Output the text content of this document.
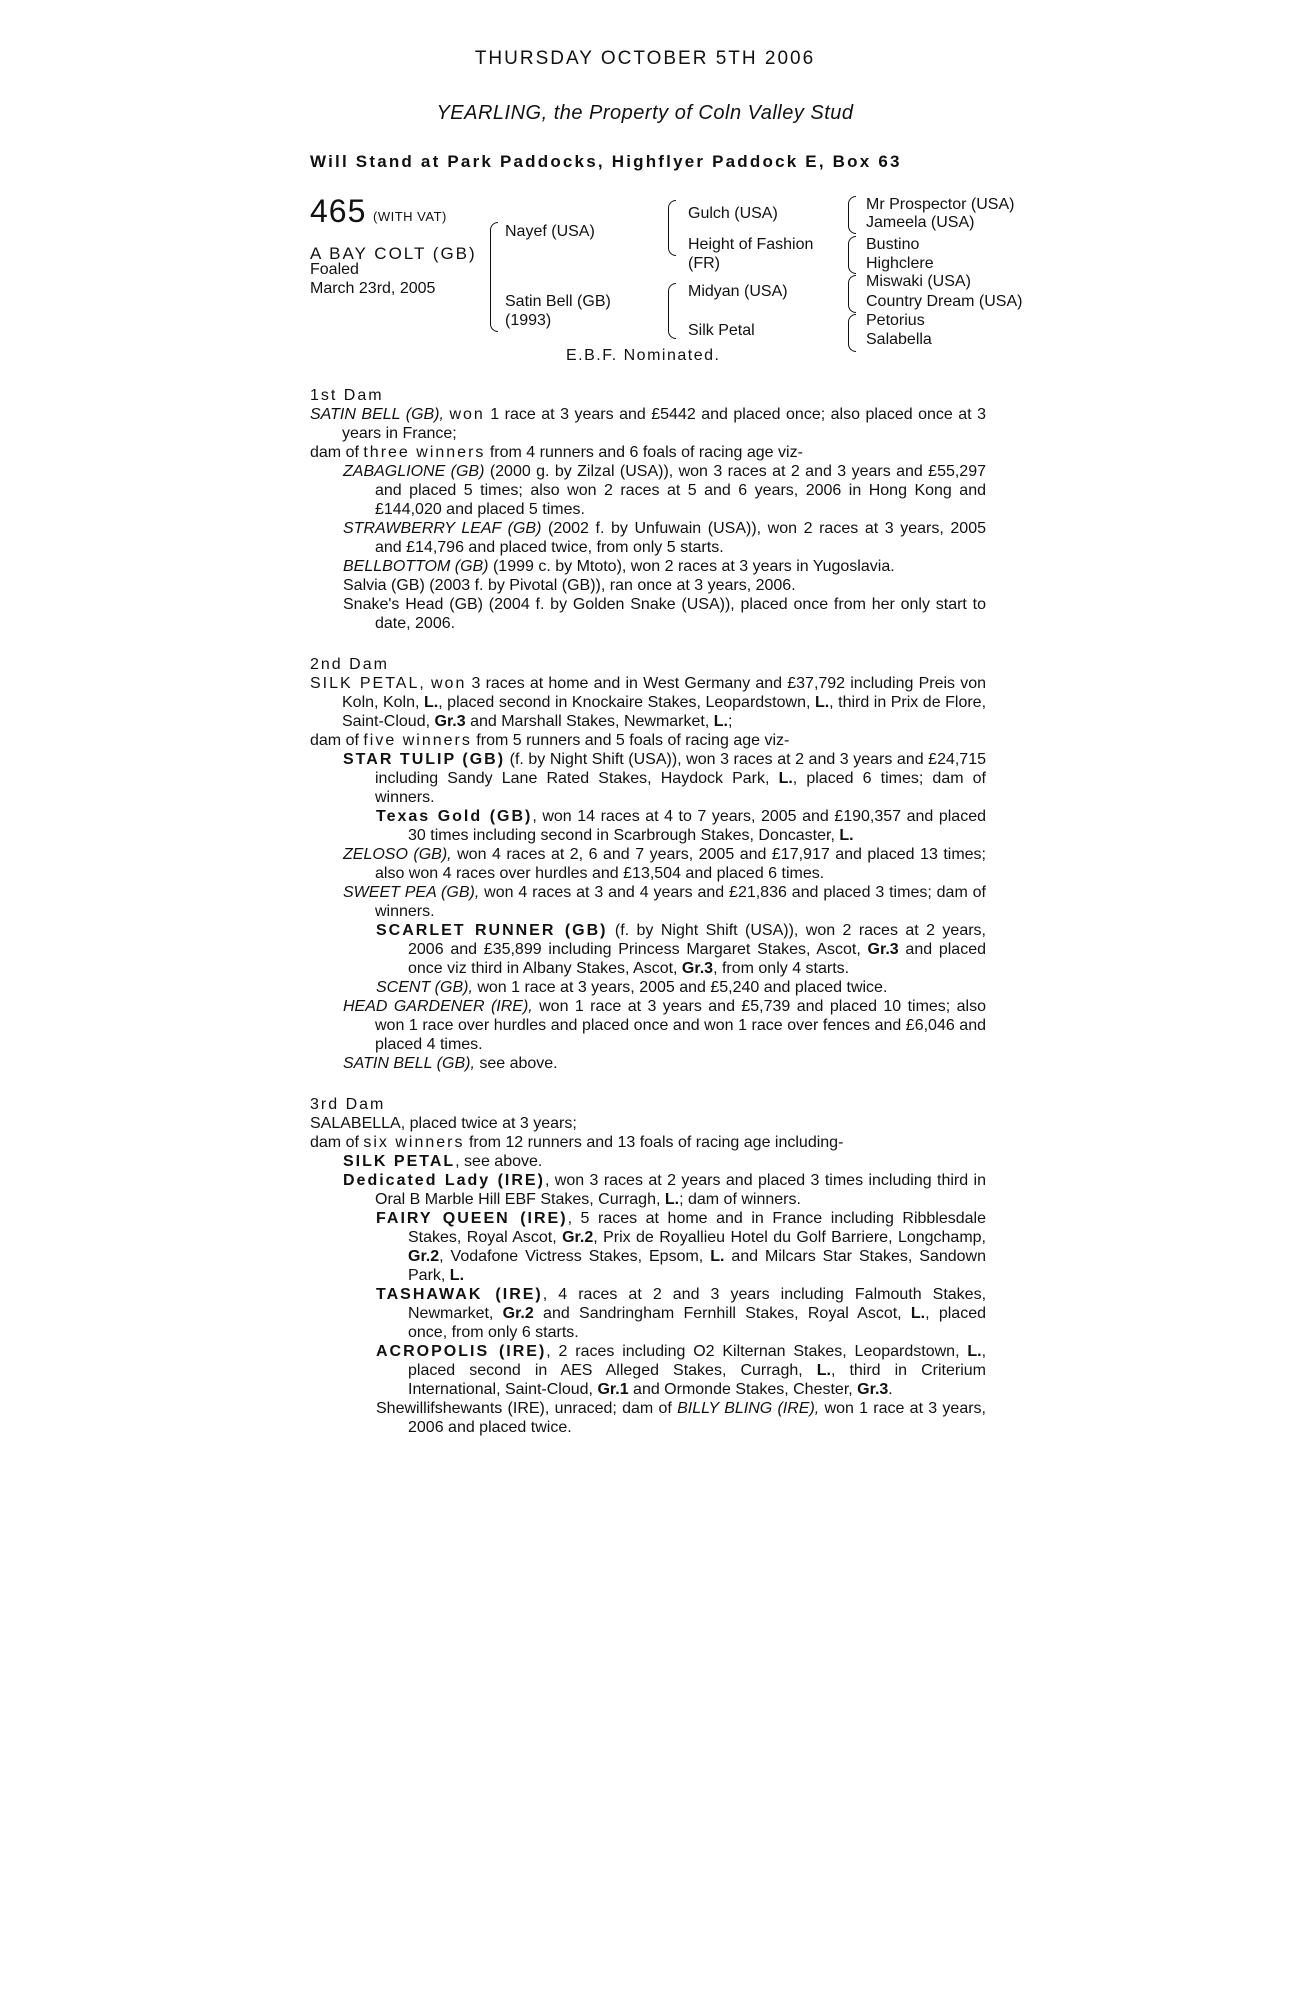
THURSDAY OCTOBER 5TH 2006
YEARLING, the Property of Coln Valley Stud
Will Stand at Park Paddocks, Highflyer Paddock E, Box 63
465 (WITH VAT)
A BAY COLT (GB)
Foaled
March 23rd, 2005
Nayef (USA)
Satin Bell (GB)
(1993)
Gulch (USA)
Height of Fashion
(FR)
Midyan (USA)
Silk Petal
Mr Prospector (USA)
Jameela (USA)
Bustino
Highclere
Miswaki (USA)
Country Dream (USA)
Petorius
Salabella
E.B.F. Nominated.
1st Dam
SATIN BELL (GB), won 1 race at 3 years and £5442 and placed once; also placed once at 3 years in France;
dam of three winners from 4 runners and 6 foals of racing age viz-
ZABAGLIONE (GB) (2000 g. by Zilzal (USA)), won 3 races at 2 and 3 years and £55,297 and placed 5 times; also won 2 races at 5 and 6 years, 2006 in Hong Kong and £144,020 and placed 5 times.
STRAWBERRY LEAF (GB) (2002 f. by Unfuwain (USA)), won 2 races at 3 years, 2005 and £14,796 and placed twice, from only 5 starts.
BELLBOTTOM (GB) (1999 c. by Mtoto), won 2 races at 3 years in Yugoslavia.
Salvia (GB) (2003 f. by Pivotal (GB)), ran once at 3 years, 2006.
Snake's Head (GB) (2004 f. by Golden Snake (USA)), placed once from her only start to date, 2006.
2nd Dam
SILK PETAL, won 3 races at home and in West Germany and £37,792 including Preis von Koln, Koln, L., placed second in Knockaire Stakes, Leopardstown, L., third in Prix de Flore, Saint-Cloud, Gr.3 and Marshall Stakes, Newmarket, L.;
dam of five winners from 5 runners and 5 foals of racing age viz-
STAR TULIP (GB) (f. by Night Shift (USA)), won 3 races at 2 and 3 years and £24,715 including Sandy Lane Rated Stakes, Haydock Park, L., placed 6 times; dam of winners.
Texas Gold (GB), won 14 races at 4 to 7 years, 2005 and £190,357 and placed 30 times including second in Scarbrough Stakes, Doncaster, L.
ZELOSO (GB), won 4 races at 2, 6 and 7 years, 2005 and £17,917 and placed 13 times; also won 4 races over hurdles and £13,504 and placed 6 times.
SWEET PEA (GB), won 4 races at 3 and 4 years and £21,836 and placed 3 times; dam of winners.
SCARLET RUNNER (GB) (f. by Night Shift (USA)), won 2 races at 2 years, 2006 and £35,899 including Princess Margaret Stakes, Ascot, Gr.3 and placed once viz third in Albany Stakes, Ascot, Gr.3, from only 4 starts.
SCENT (GB), won 1 race at 3 years, 2005 and £5,240 and placed twice.
HEAD GARDENER (IRE), won 1 race at 3 years and £5,739 and placed 10 times; also won 1 race over hurdles and placed once and won 1 race over fences and £6,046 and placed 4 times.
SATIN BELL (GB), see above.
3rd Dam
SALABELLA, placed twice at 3 years;
dam of six winners from 12 runners and 13 foals of racing age including-
SILK PETAL, see above.
Dedicated Lady (IRE), won 3 races at 2 years and placed 3 times including third in Oral B Marble Hill EBF Stakes, Curragh, L.; dam of winners.
FAIRY QUEEN (IRE), 5 races at home and in France including Ribblesdale Stakes, Royal Ascot, Gr.2, Prix de Royallieu Hotel du Golf Barriere, Longchamp, Gr.2, Vodafone Victress Stakes, Epsom, L. and Milcars Star Stakes, Sandown Park, L.
TASHAWAK (IRE), 4 races at 2 and 3 years including Falmouth Stakes, Newmarket, Gr.2 and Sandringham Fernhill Stakes, Royal Ascot, L., placed once, from only 6 starts.
ACROPOLIS (IRE), 2 races including O2 Kilternan Stakes, Leopardstown, L., placed second in AES Alleged Stakes, Curragh, L., third in Criterium International, Saint-Cloud, Gr.1 and Ormonde Stakes, Chester, Gr.3.
Shewillifshewants (IRE), unraced; dam of BILLY BLING (IRE), won 1 race at 3 years, 2006 and placed twice.
